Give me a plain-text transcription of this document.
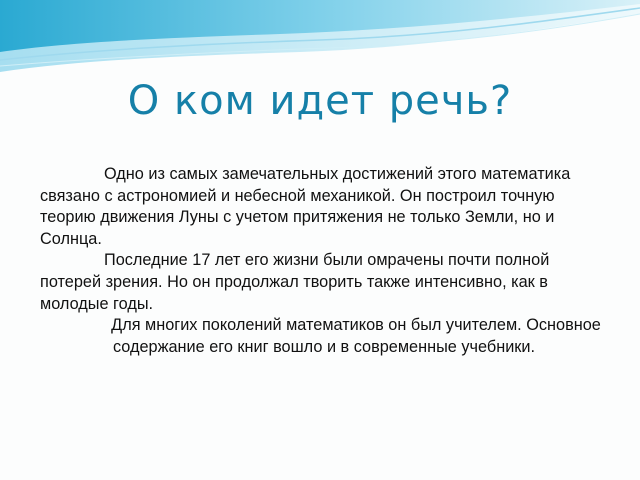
О ком идет речь?

Одно из самых замечательных достижений этого математика связано с астрономией и небесной механикой. Он построил точную теорию движения Луны с учетом притяжения не только Земли, но и Солнца.

Последние 17 лет его жизни были омрачены почти полной потерей зрения. Но он продолжал творить также интенсивно, как в молодые годы.

Для многих поколений математиков он был учителем. Основное содержание его книг вошло и в современные учебники.
